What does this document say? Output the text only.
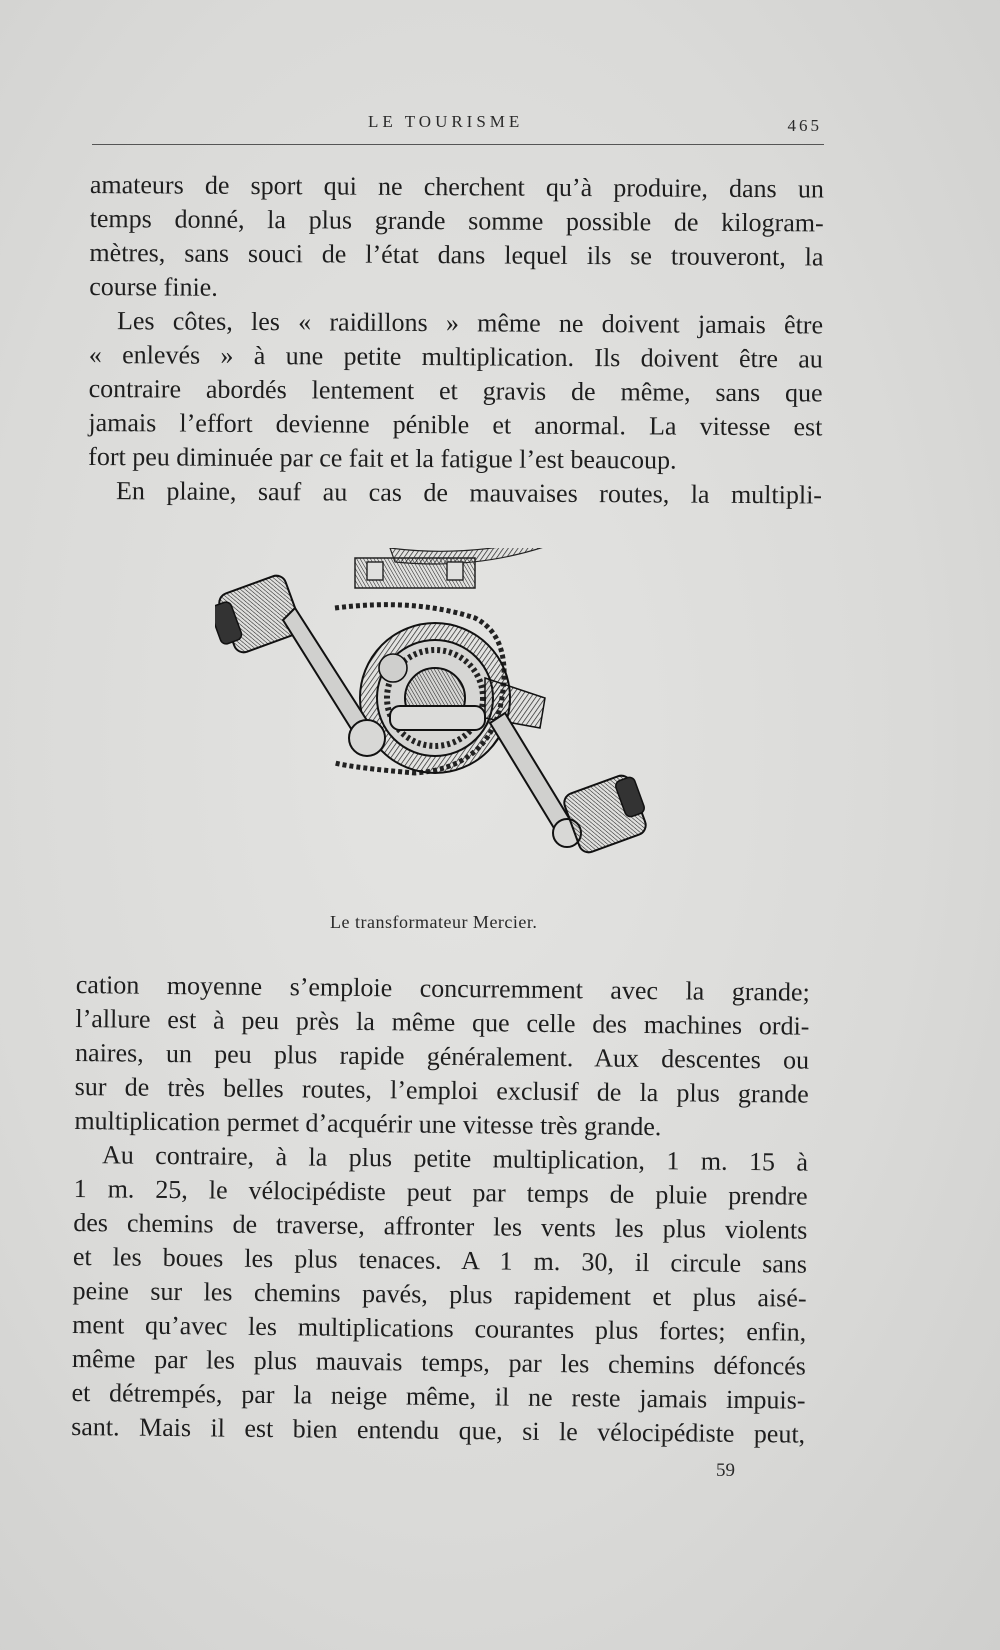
LE TOURISME	465
amateurs de sport qui ne cherchent qu’à produire, dans un
temps donné, la plus grande somme possible de kilogram-
mètres, sans souci de l’état dans lequel ils se trouveront, la
course finie.
Les côtes, les « raidillons » même ne doivent jamais être
« enlevés » à une petite multiplication. Ils doivent être au
contraire abordés lentement et gravis de même, sans que
jamais l’effort devienne pénible et anormal. La vitesse est
fort peu diminuée par ce fait et la fatigue l’est beaucoup.
En plaine, sauf au cas de mauvaises routes, la multipli-
Le transformateur Mercier.
cation moyenne s’emploie concurremment avec la grande;
l’allure est à peu près la même que celle des machines ordi-
naires, un peu plus rapide généralement. Aux descentes ou
sur de très belles routes, l’emploi exclusif de la plus grande
multiplication permet d’acquérir une vitesse très grande.
Au contraire, à la plus petite multiplication, 1 m. 15 à
1 m. 25, le vélocipédiste peut par temps de pluie prendre
des chemins de traverse, affronter les vents les plus violents
et les boues les plus tenaces. A 1 m. 30, il circule sans
peine sur les chemins pavés, plus rapidement et plus aisé-
ment qu’avec les multiplications courantes plus fortes; enfin,
même par les plus mauvais temps, par les chemins défoncés
et détrempés, par la neige même, il ne reste jamais impuis-
sant. Mais il est bien entendu que, si le vélocipédiste peut,
59
